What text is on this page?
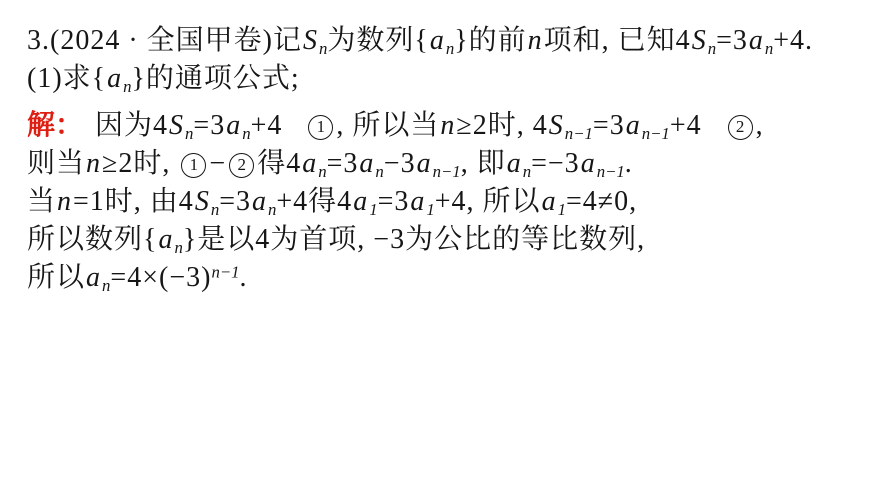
3.(2024 · 全国甲卷)记$S_n$为数列$\{a_n\}$的前n项和, 已知$4S_n=3a_n+4$.
(1)求$\{a_n\}$的通项公式;
解： 因为$4S_n=3a_n+4$ 1 , 所以当n≥2时, $4S_{n-1}=3a_{n-1}+4$ 2 ,
则当n≥2时, 1 − 2 得$4a_n=3a_n-3a_{n-1}$, 即$a_n=-3a_{n-1}$.
当n=1时, 由$4S_n=3a_n+4$得$4a_1=3a_1+4$, 所以$a_1=4\ne 0$,
所以数列$\{a_n\}$是以4为首项, −3为公比的等比数列,
所以$a_n=4\times(-3)^{n-1}$.
